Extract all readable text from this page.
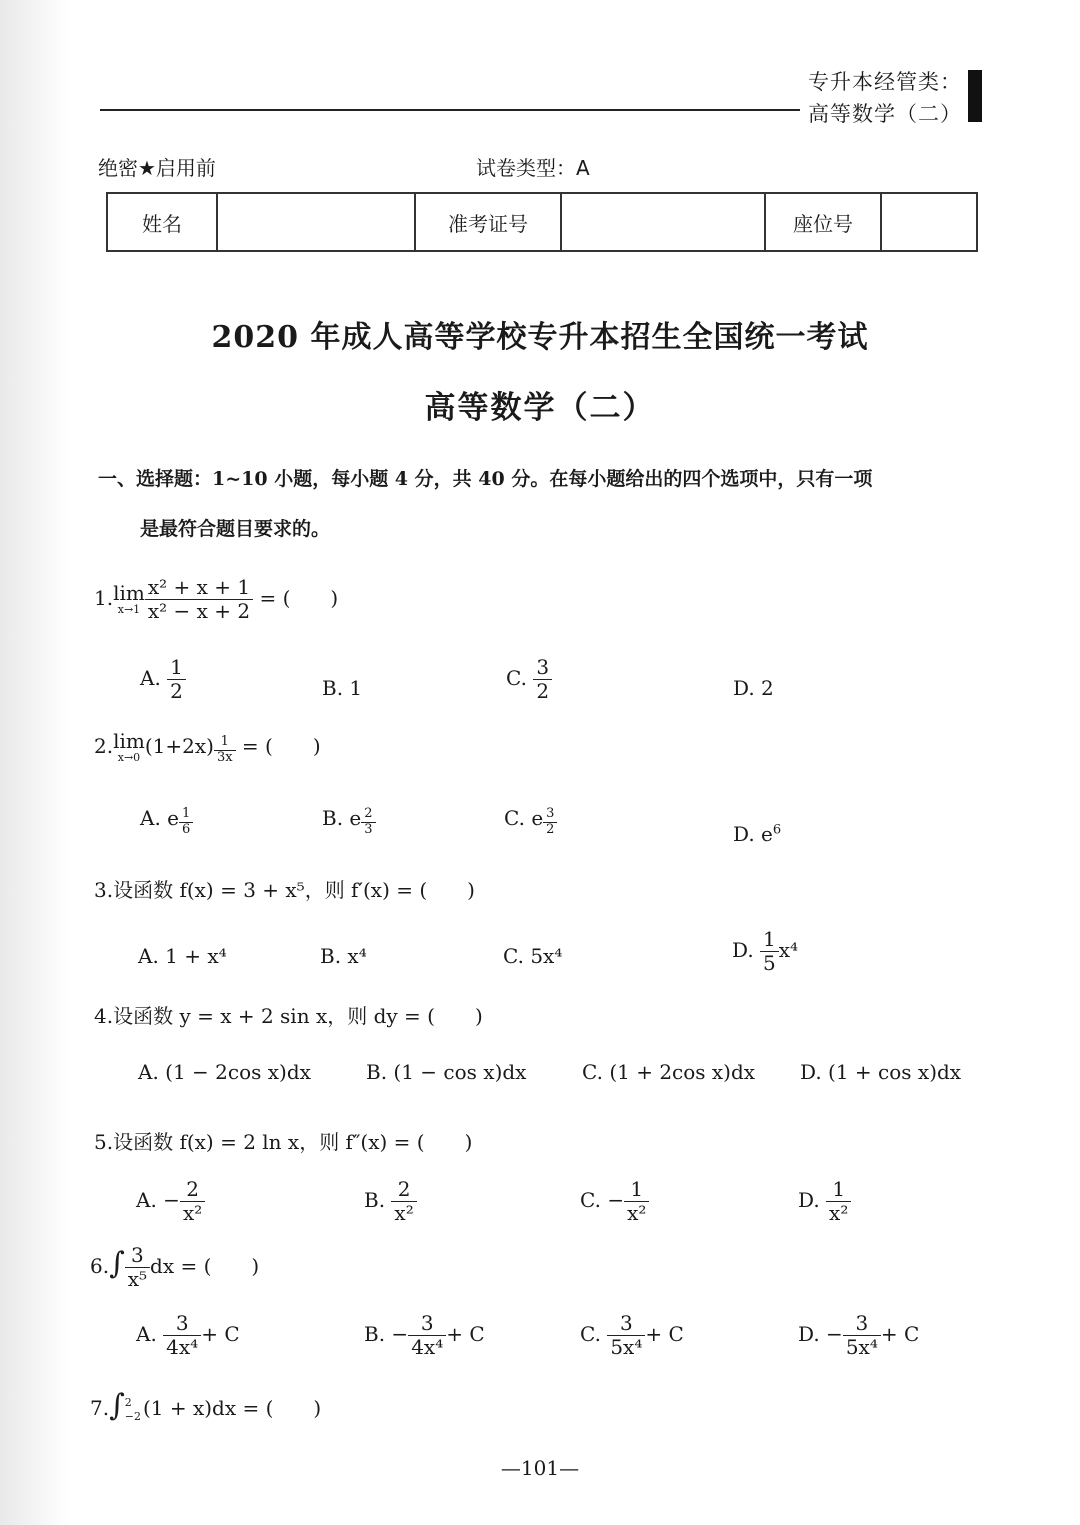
专升本经管类：
高等数学（二）
绝密★启用前	试卷类型：A
姓名		准考证号		座位号	
2020 年成人高等学校专升本招生全国统一考试
高等数学（二）
一、选择题：1~10 小题，每小题 4 分，共 40 分。在每小题给出的四个选项中，只有一项
是最符合题目要求的。
1. lim
$x\to 1 \frac{\text{x² + x + 1}}{\text{x² − x + 2}}$ = (　　)
A. $\frac{1}{2}$	B. 1	C. $\frac{3}{2}$	D. 2
2. lim
x→0 $(1+2x) \frac{1}{3x}$ = (　　)
A. e $\frac{1}{6}$	B. e $\frac{2}{3}$	C. e $\frac{3}{2}$	D. $e^6$
3.设函数 f(x) = 3 + x⁵，则 f′(x) = (　　)
A. 1 + x⁴	B. x⁴	C. 5x⁴	D. $\frac{1}{5} x^4$
4.设函数 y = x + 2 sin x，则 dy = (　　)
A. (1 − 2cos x)dx	B. (1 − cos x)dx	C. (1 + 2cos x)dx D. (1 + cos x)dx
5.设函数 f(x) = 2 ln x，则 f″(x) = (　　)
A. − $\frac{2}{\text{x²}}$	B. $\frac{2}{\text{x²}}$	C. − $\frac{1}{\text{x²}}$	D. $\frac{1}{\text{x²}}$
$6.\int \frac{3}{\text{x⁵}}$ dx = (　　)
A. $\frac{3}{\text{4x⁴}} + C$	B. − $\frac{3}{\text{4x⁴}} + C$	C. $\frac{3}{\text{5x⁴}} + C$	D. − $\frac{3}{\text{5x⁴}} + C$
7.∫ 2
−2 (1 + x)dx = (　　)
—101—
